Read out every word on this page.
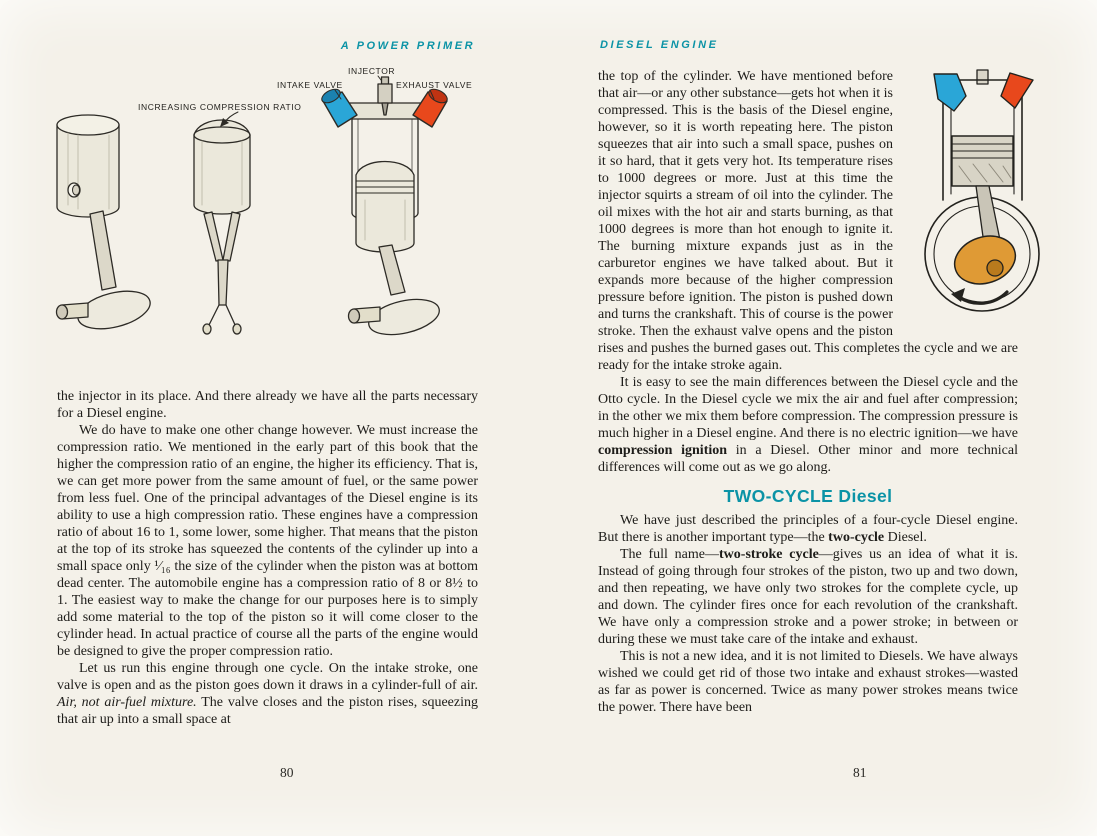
A POWER PRIMER
INCREASING COMPRESSION RATIO
INJECTOR
INTAKE VALVE	EXHAUST VALVE

the injector in its place. And there already we have all the parts necessary for a Diesel engine.

We do have to make one other change however. We must increase the compression ratio. We mentioned in the early part of this book that the higher the compression ratio of an engine, the higher its efficiency. That is, we can get more power from the same amount of fuel, or the same power from less fuel. One of the principal advantages of the Diesel engine is its ability to use a high compression ratio. These engines have a compression ratio of about 16 to 1, some lower, some higher. That means that the piston at the top of its stroke has squeezed the contents of the cylinder up into a small space only ¹⁄₁₆ the size of the cylinder when the piston was at bottom dead center. The automobile engine has a compression ratio of 8 or 8½ to 1. The easiest way to make the change for our purposes here is to simply add some material to the top of the piston so it will come closer to the cylinder head. In actual practice of course all the parts of the engine would be designed to give the proper compression ratio.

Let us run this engine through one cycle. On the intake stroke, one valve is open and as the piston goes down it draws in a cylinder-full of air. Air, not air-fuel mixture. The valve closes and the piston rises, squeezing that air up into a small space at

80
DIESEL ENGINE

the top of the cylinder. We have mentioned before that air—or any other substance—gets hot when it is compressed. This is the basis of the Diesel engine, however, so it is worth repeating here. The piston squeezes that air into such a small space, pushes on it so hard, that it gets very hot. Its temperature rises to 1000 degrees or more. Just at this time the injector squirts a stream of oil into the cylinder. The oil mixes with the hot air and starts burning, as that 1000 degrees is more than hot enough to ignite it. The burning mixture expands just as in the carburetor engines we have talked about. But it expands more because of the higher compression pressure before ignition. The piston is pushed down and turns the crankshaft. This of course is the power stroke. Then the exhaust valve opens and the piston rises and pushes the burned gases out. This completes the cycle and we are ready for the intake stroke again.

It is easy to see the main differences between the Diesel cycle and the Otto cycle. In the Diesel cycle we mix the air and fuel after compression; in the other we mix them before compression. The compression pressure is much higher in a Diesel engine. And there is no electric ignition—we have compression ignition in a Diesel. Other minor and more technical differences will come out as we go along.

TWO-CYCLE Diesel

We have just described the principles of a four-cycle Diesel engine. But there is another important type—the two-cycle Diesel.

The full name—two-stroke cycle—gives us an idea of what it is. Instead of going through four strokes of the piston, two up and two down, and then repeating, we have only two strokes for the complete cycle, up and down. The cylinder fires once for each revolution of the crankshaft. We have only a compression stroke and a power stroke; in between or during these we must take care of the intake and exhaust.

This is not a new idea, and it is not limited to Diesels. We have always wished we could get rid of those two intake and exhaust strokes—wasted as far as power is concerned. Twice as many power strokes means twice the power. There have been

81
